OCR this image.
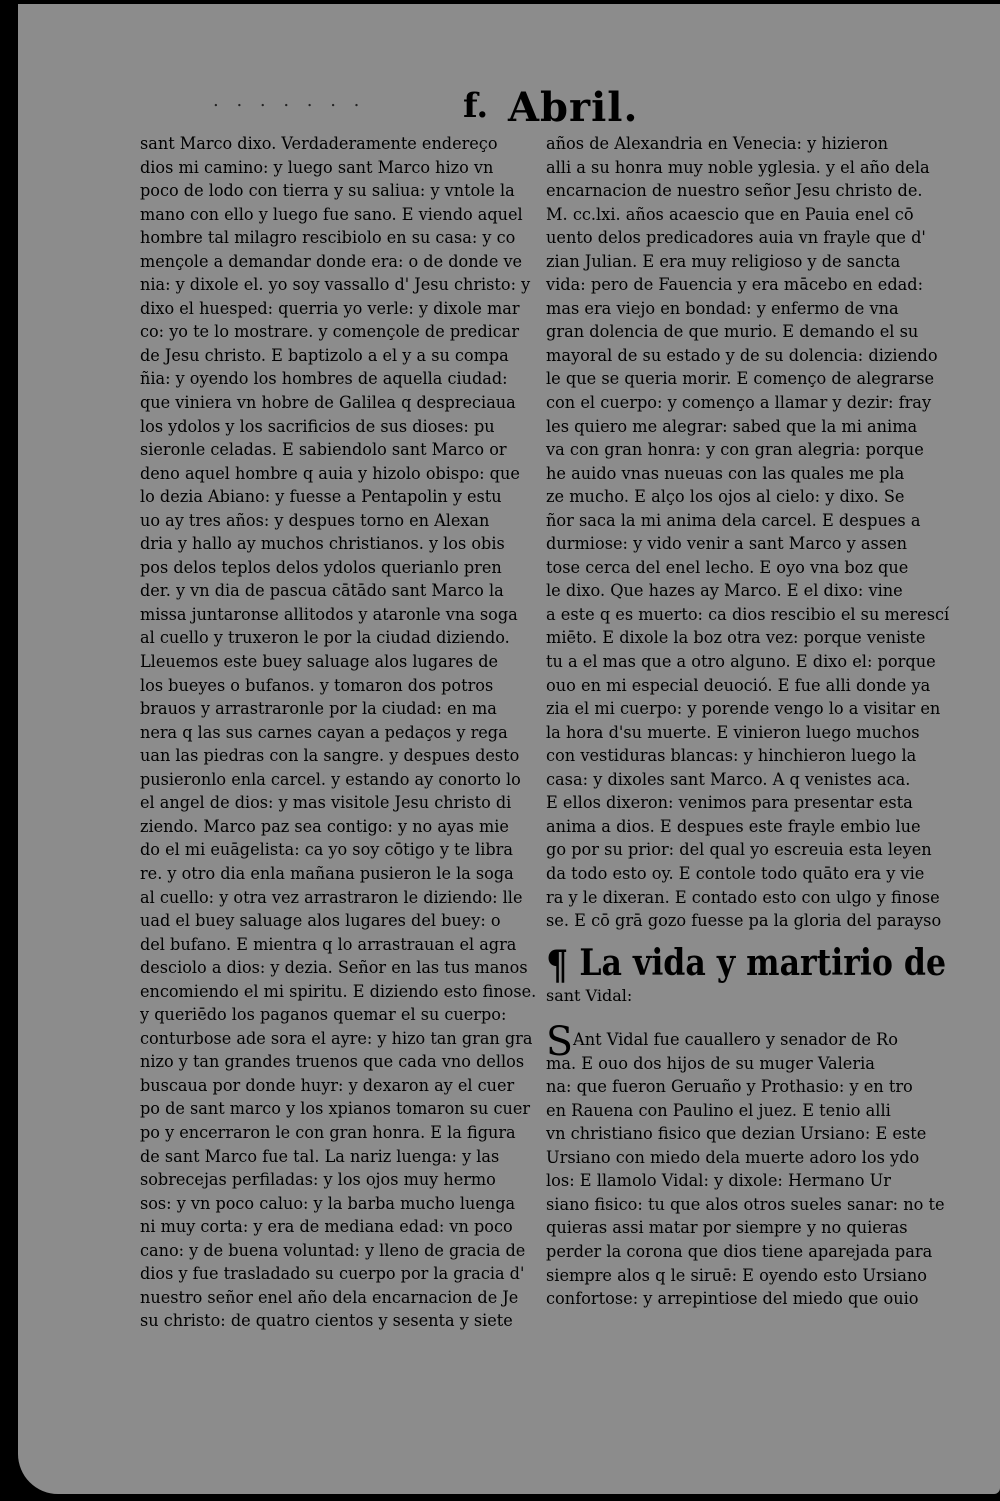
. . . . . . .	f. Abril.
sant Marco dixo. Verdaderamente endereço
dios mi camino: y luego sant Marco hizo vn
poco de lodo con tierra y su saliua: y vntole la
mano con ello y luego fue sano. E viendo aquel
hombre tal milagro rescibiolo en su casa: y co
mençole a demandar donde era: o de donde ve
nia: y dixole el. yo soy vassallo d' Jesu christo: y
dixo el huesped: querria yo verle: y dixole mar
co: yo te lo mostrare. y començole de predicar
de Jesu christo. E baptizolo a el y a su compa
ñia: y oyendo los hombres de aquella ciudad:
que viniera vn hobre de Galilea q despreciaua
los ydolos y los sacrificios de sus dioses: pu
sieronle celadas. E sabiendolo sant Marco or
deno aquel hombre q auia y hizolo obispo: que
lo dezia Abiano: y fuesse a Pentapolin y estu
uo ay tres años: y despues torno en Alexan
dria y hallo ay muchos christianos. y los obis
pos delos teplos delos ydolos querianlo pren
der. y vn dia de pascua cātādo sant Marco la
missa juntaronse allitodos y ataronle vna soga
al cuello y truxeron le por la ciudad diziendo.
Lleuemos este buey saluage alos lugares de
los bueyes o bufanos. y tomaron dos potros
brauos y arrastraronle por la ciudad: en ma
nera q las sus carnes cayan a pedaços y rega
uan las piedras con la sangre. y despues desto
pusieronlo enla carcel. y estando ay conorto lo
el angel de dios: y mas visitole Jesu christo di
ziendo. Marco paz sea contigo: y no ayas mie
do el mi euāgelista: ca yo soy cōtigo y te libra
re. y otro dia enla mañana pusieron le la soga
al cuello: y otra vez arrastraron le diziendo: lle
uad el buey saluage alos lugares del buey: o
del bufano. E mientra q lo arrastrauan el agra
desciolo a dios: y dezia. Señor en las tus manos
encomiendo el mi spiritu. E diziendo esto finose.
y queriēdo los paganos quemar el su cuerpo:
conturbose ade sora el ayre: y hizo tan gran gra
nizo y tan grandes truenos que cada vno dellos
buscaua por donde huyr: y dexaron ay el cuer
po de sant marco y los xpianos tomaron su cuer
po y encerraron le con gran honra. E la figura
de sant Marco fue tal. La nariz luenga: y las
sobrecejas perfiladas: y los ojos muy hermo
sos: y vn poco caluo: y la barba mucho luenga
ni muy corta: y era de mediana edad: vn poco
cano: y de buena voluntad: y lleno de gracia de
dios y fue trasladado su cuerpo por la gracia d'
nuestro señor enel año dela encarnacion de Je
su christo: de quatro cientos y sesenta y siete
años de Alexandria en Venecia: y hizieron
alli a su honra muy noble yglesia. y el año dela
encarnacion de nuestro señor Jesu christo de.
M. cc.lxi. años acaescio que en Pauia enel cō
uento delos predicadores auia vn frayle que d'
zian Julian. E era muy religioso y de sancta
vida: pero de Fauencia y era mācebo en edad:
mas era viejo en bondad: y enfermo de vna
gran dolencia de que murio. E demando el su
mayoral de su estado y de su dolencia: diziendo
le que se queria morir. E començo de alegrarse
con el cuerpo: y començo a llamar y dezir: fray
les quiero me alegrar: sabed que la mi anima
va con gran honra: y con gran alegria: porque
he auido vnas nueuas con las quales me pla
ze mucho. E alço los ojos al cielo: y dixo. Se
ñor saca la mi anima dela carcel. E despues a
durmiose: y vido venir a sant Marco y assen
tose cerca del enel lecho. E oyo vna boz que
le dixo. Que hazes ay Marco. E el dixo: vine
a este q es muerto: ca dios rescibio el su merescí
miēto. E dixole la boz otra vez: porque veniste
tu a el mas que a otro alguno. E dixo el: porque
ouo en mi especial deuoció. E fue alli donde ya
zia el mi cuerpo: y porende vengo lo a visitar en
la hora d'su muerte. E vinieron luego muchos
con vestiduras blancas: y hinchieron luego la
casa: y dixoles sant Marco. A q venistes aca.
E ellos dixeron: venimos para presentar esta
anima a dios. E despues este frayle embio lue
go por su prior: del qual yo escreuia esta leyen
da todo esto oy. E contole todo quāto era y vie
ra y le dixeran. E contado esto con ulgo y finose
se. E cō grā gozo fuesse pa la gloria del parayso
¶ La vida y martirio de
sant Vidal:
SAnt Vidal fue cauallero y senador de Ro
ma. E ouo dos hijos de su muger Valeria
na: que fueron Geruaño y Prothasio: y en tro
en Rauena con Paulino el juez. E tenio alli
vn christiano fisico que dezian Ursiano: E este
Ursiano con miedo dela muerte adoro los ydo
los: E llamolo Vidal: y dixole: Hermano Ur
siano fisico: tu que alos otros sueles sanar: no te
quieras assi matar por siempre y no quieras
perder la corona que dios tiene aparejada para
siempre alos q le siruē: E oyendo esto Ursiano
confortose: y arrepintiose del miedo que ouio
